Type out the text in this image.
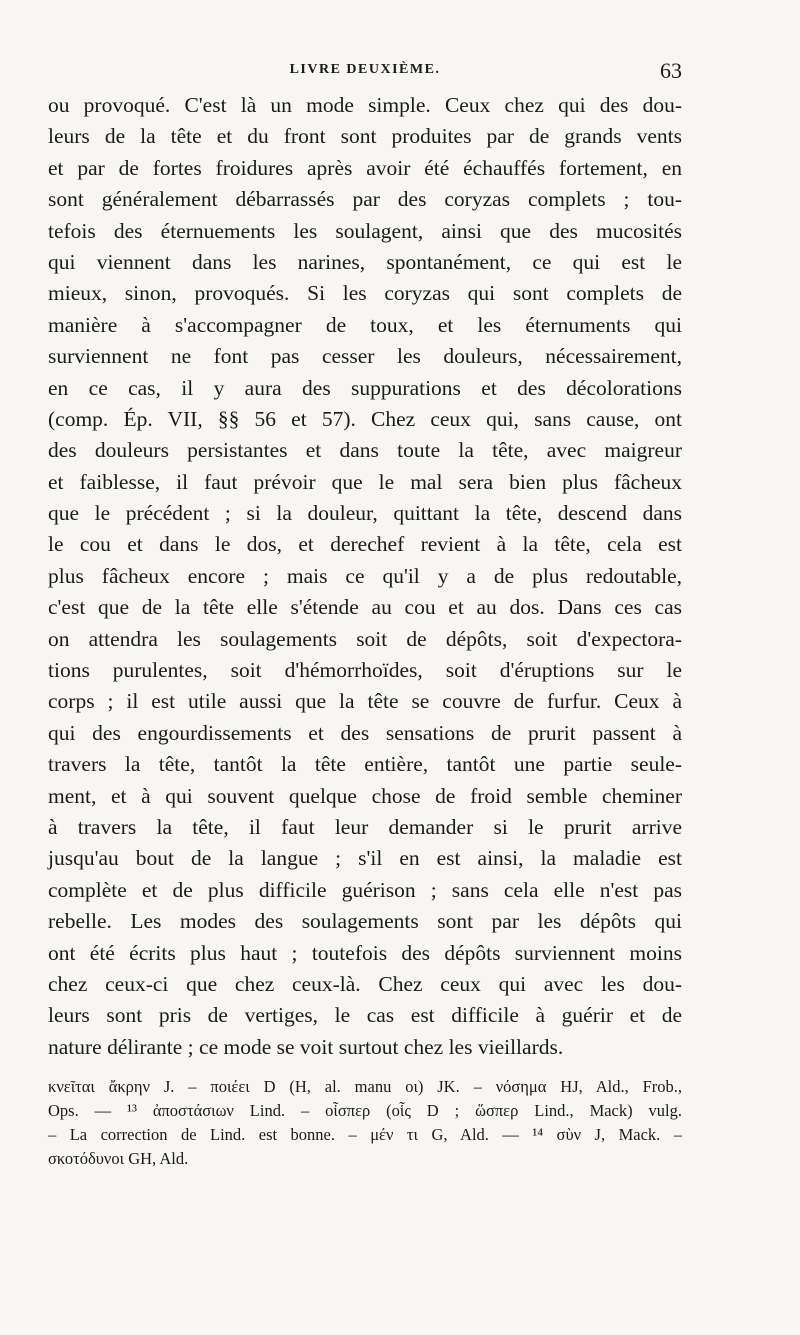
LIVRE DEUXIÈME.	63
ou provoqué. C'est là un mode simple. Ceux chez qui des dou-
leurs de la tête et du front sont produites par de grands vents
et par de fortes froidures après avoir été échauffés fortement, en
sont généralement débarrassés par des coryzas complets ; tou-
tefois des éternuements les soulagent, ainsi que des mucosités
qui viennent dans les narines, spontanément, ce qui est le
mieux, sinon, provoqués. Si les coryzas qui sont complets de
manière à s'accompagner de toux, et les éternuments qui
surviennent ne font pas cesser les douleurs, nécessairement,
en ce cas, il y aura des suppurations et des décolorations
(comp. Ép. VII, §§ 56 et 57). Chez ceux qui, sans cause, ont
des douleurs persistantes et dans toute la tête, avec maigreur
et faiblesse, il faut prévoir que le mal sera bien plus fâcheux
que le précédent ; si la douleur, quittant la tête, descend dans
le cou et dans le dos, et derechef revient à la tête, cela est
plus fâcheux encore ; mais ce qu'il y a de plus redoutable,
c'est que de la tête elle s'étende au cou et au dos. Dans ces cas
on attendra les soulagements soit de dépôts, soit d'expectora-
tions purulentes, soit d'hémorrhoïdes, soit d'éruptions sur le
corps ; il est utile aussi que la tête se couvre de furfur. Ceux à
qui des engourdissements et des sensations de prurit passent à
travers la tête, tantôt la tête entière, tantôt une partie seule-
ment, et à qui souvent quelque chose de froid semble cheminer
à travers la tête, il faut leur demander si le prurit arrive
jusqu'au bout de la langue ; s'il en est ainsi, la maladie est
complète et de plus difficile guérison ; sans cela elle n'est pas
rebelle. Les modes des soulagements sont par les dépôts qui
ont été écrits plus haut ; toutefois des dépôts surviennent moins
chez ceux-ci que chez ceux-là. Chez ceux qui avec les dou-
leurs sont pris de vertiges, le cas est difficile à guérir et de
nature délirante ; ce mode se voit surtout chez les vieillards.
κνεῖται ἄκρην J. – ποιέει D (H, al. manu οι) JK. – νόσημα HJ, Ald., Frob.,
Ops. — ¹³ ἀποστάσιων Lind. – οἶσπερ (οἷς D ; ὥσπερ Lind., Mack) vulg.
– La correction de Lind. est bonne. – μέν τι G, Ald. — ¹⁴ σὺν J, Mack. –
σκοτόδυνοι GH, Ald.
